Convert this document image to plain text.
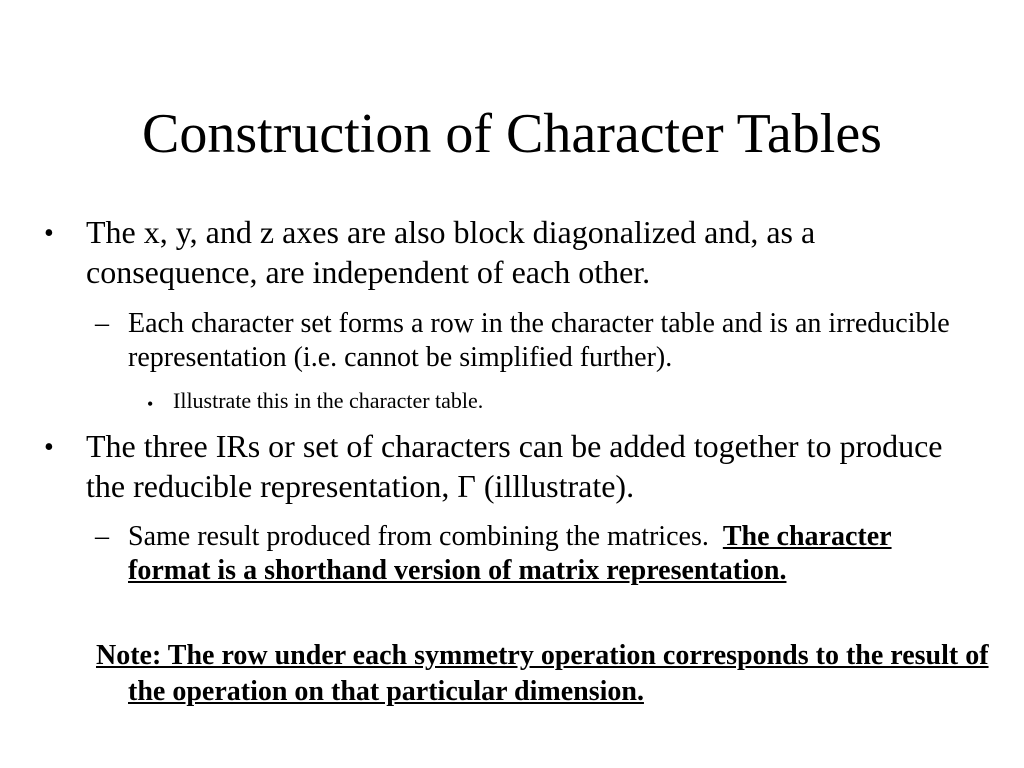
Construction of Character Tables
•	The x, y, and z axes are also block diagonalized and, as a consequence, are independent of each other.
– Each character set forms a row in the character table and is an irreducible representation (i.e. cannot be simplified further).
• Illustrate this in the character table.
•	The three IRs or set of characters can be added together to produce the reducible representation, Γ (illlustrate).
– Same result produced from combining the matrices. The character format is a shorthand version of matrix representation.

Note: The row under each symmetry operation corresponds to the result of the operation on that particular dimension.
